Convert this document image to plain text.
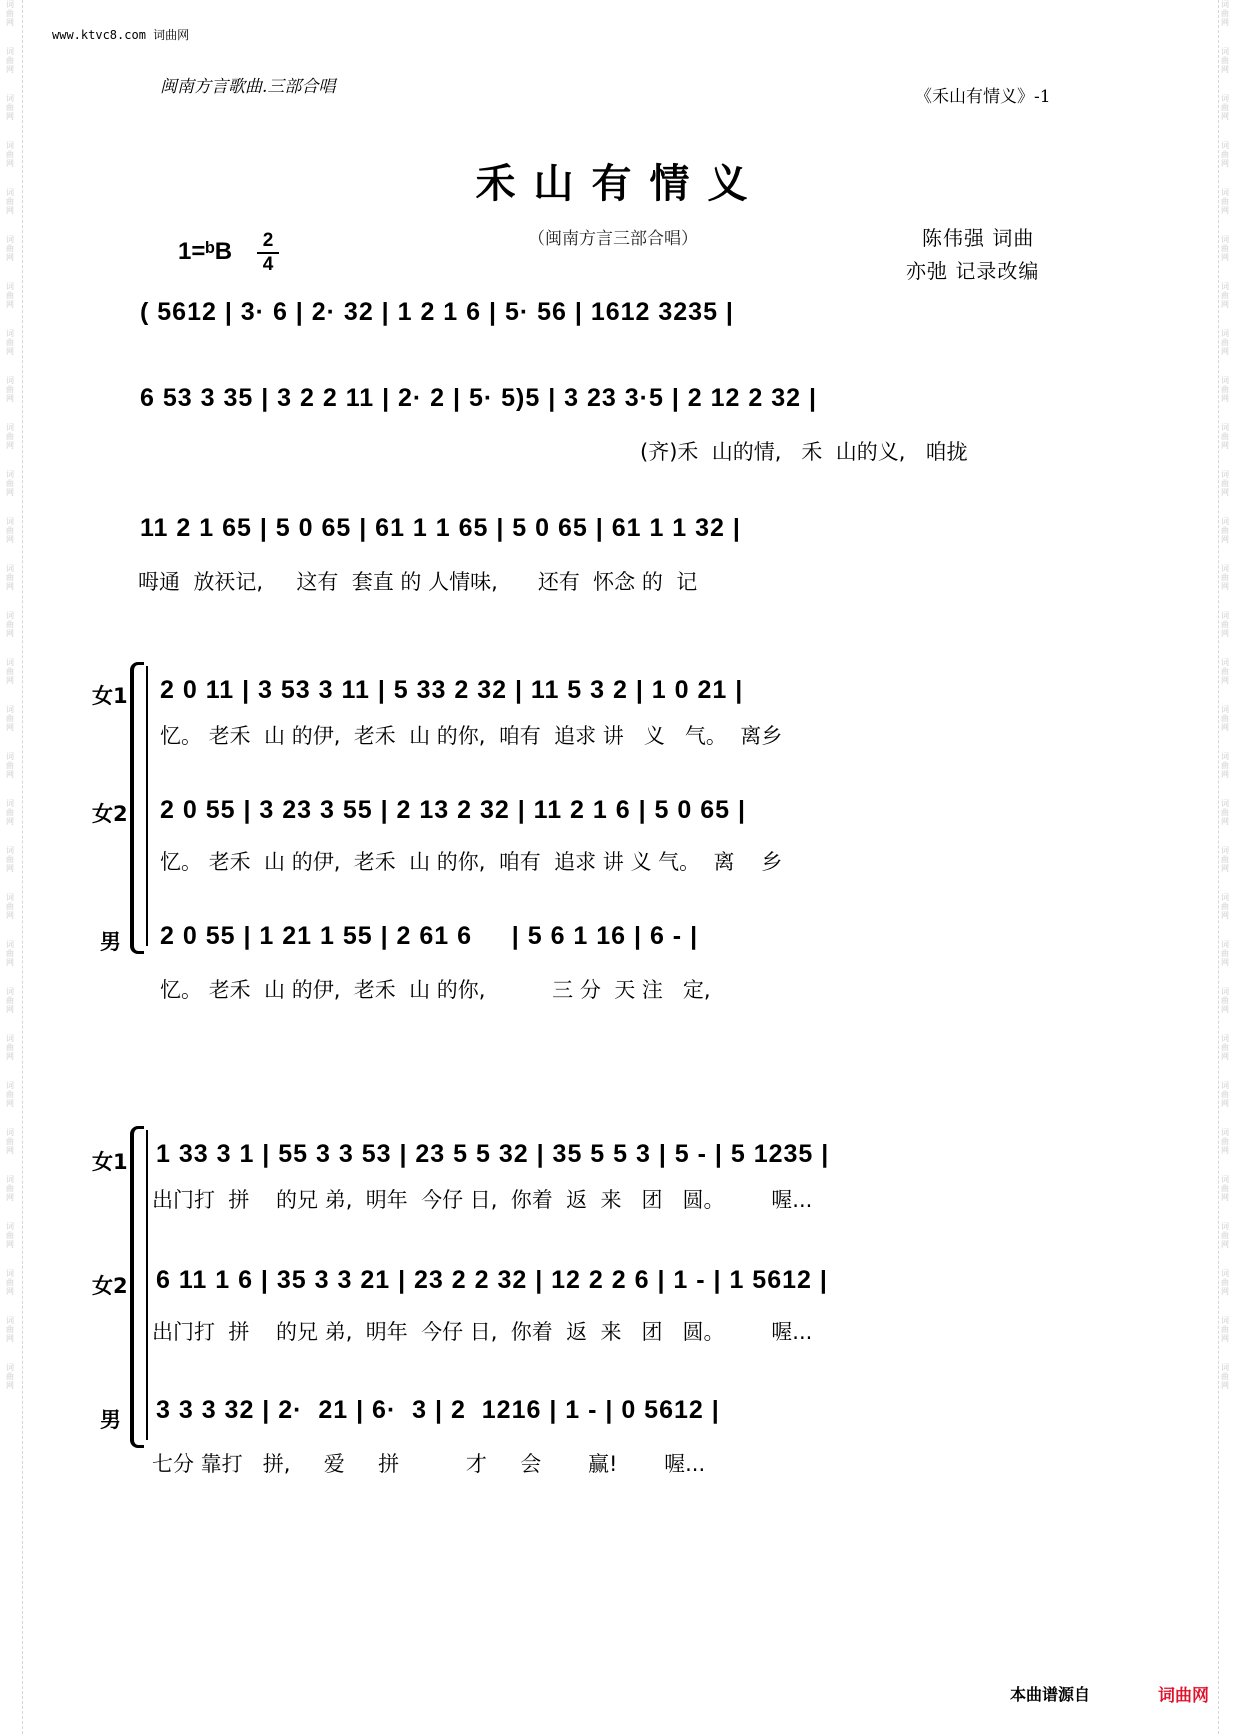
词曲网
词曲网
词曲网
词曲网
词曲网
词曲网
词曲网
词曲网
词曲网
词曲网
词曲网
词曲网
词曲网
词曲网
词曲网
词曲网
词曲网
词曲网
词曲网
词曲网
词曲网
词曲网
词曲网
词曲网
词曲网
词曲网
词曲网
词曲网
词曲网
词曲网
词曲网
词曲网
词曲网
词曲网
词曲网
词曲网
词曲网
词曲网
词曲网
词曲网
词曲网
词曲网
词曲网
词曲网
词曲网
词曲网
词曲网
词曲网
词曲网
词曲网
词曲网
词曲网
词曲网
词曲网
词曲网
词曲网
词曲网
词曲网
词曲网
词曲网
www.ktvc8.com 词曲网
闽南方言歌曲.三部合唱	《禾山有情义》-1
禾山有情义
（闽南方言三部合唱）	陈伟强 词曲
亦弛 记录改编
1=ᵇB	2
4
( 5612 | 3· 6 | 2· 32 | 1 2 1 6 | 5· 56 | 1612 3235 |
6 53 3 35 | 3 2 2 11 | 2· 2 | 5· 5)5 | 3 23 3·5 | 2 12 2 32 |
(齐)禾  山的情,   禾  山的义,   咱拢
11 2 1 65 | 5 0 65 | 61 1 1 65 | 5 0 65 | 61 1 1 32 |
呣通  放祆记,     这有  套直 的 人情味,      还有  怀念 的  记
女1 2 0 11 | 3 53 3 11 | 5 33 2 32 | 11 5 3 2 | 1 0 21 |
忆。 老禾  山 的伊,  老禾  山 的你,  咱有  追求 讲   义   气。  离乡
女2 2 0 55 | 3 23 3 55 | 2 13 2 32 | 11 2 1 6 | 5 0 65 |
忆。 老禾  山 的伊,  老禾  山 的你,  咱有  追求 讲 义 气。  离    乡
男 2 0 55 | 1 21 1 55 | 2 61 6     | 5 6 1 16 | 6 - |
忆。 老禾  山 的伊,  老禾  山 的你,          三 分  天 注   定,
女1 1 33 3 1 | 55 3 3 53 | 23 5 5 32 | 35 5 5 3 | 5 - | 5 1235 |
出门打  拼    的兄 弟,  明年  今仔 日,  你着  返  来   团   圆。       喔...
女2 6 11 1 6 | 35 3 3 21 | 23 2 2 32 | 12 2 2 6 | 1 - | 1 5612 |
出门打  拼    的兄 弟,  明年  今仔 日,  你着  返  来   团   圆。       喔...
男 3 3 3 32 | 2·  21 | 6·  3 | 2  1216 | 1 - | 0 5612 |
七分 靠打   拼,     爱     拼          才     会       赢!       喔...
本曲谱源自	词曲网
